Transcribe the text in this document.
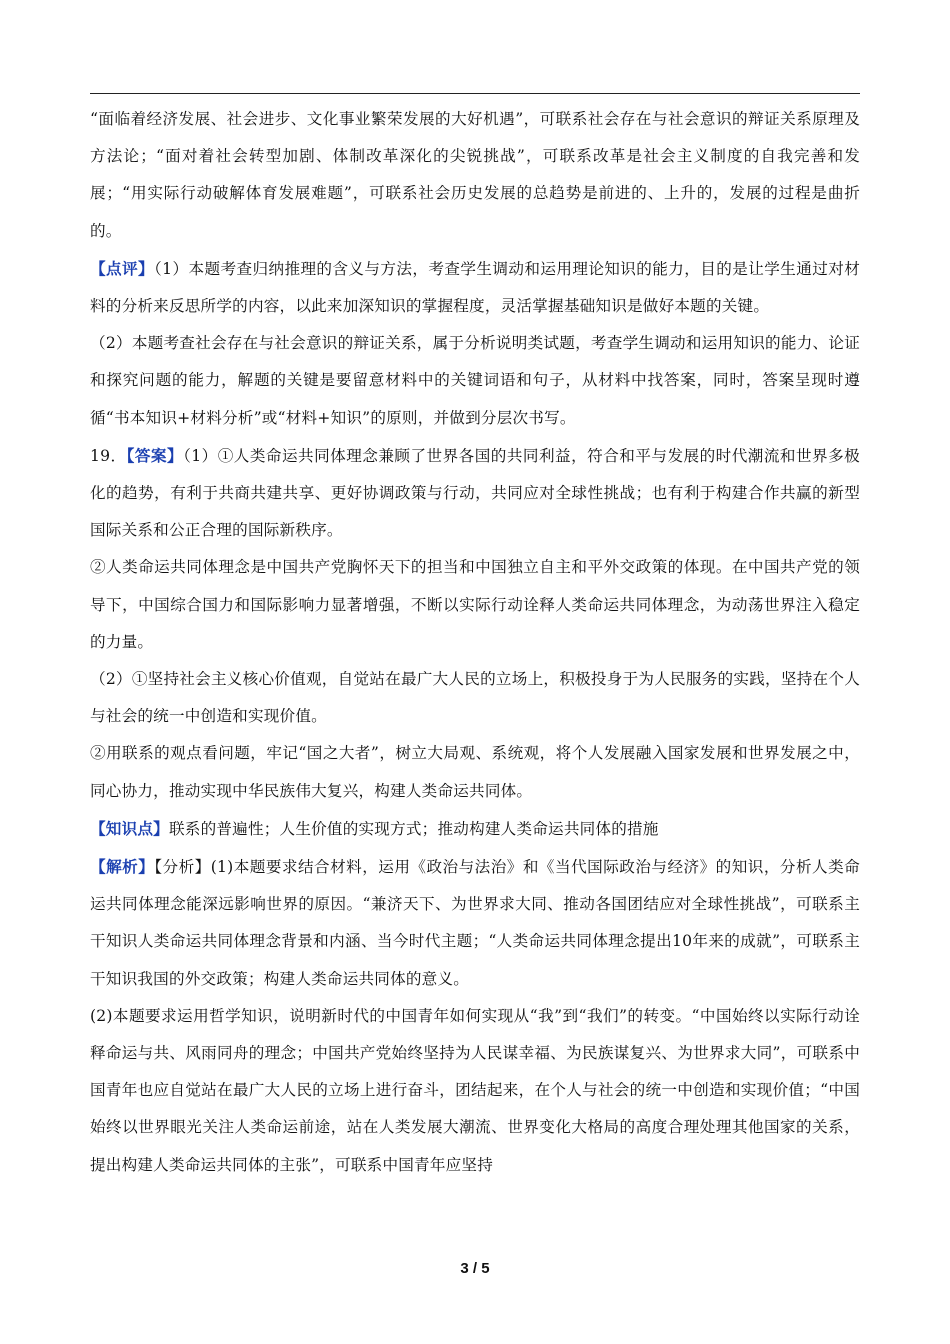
“面临着经济发展、社会进步、文化事业繁荣发展的大好机遇”，可联系社会存在与社会意识的辩证关系原理及方法论；“面对着社会转型加剧、体制改革深化的尖锐挑战”，可联系改革是社会主义制度的自我完善和发展；“用实际行动破解体育发展难题”，可联系社会历史发展的总趋势是前进的、上升的，发展的过程是曲折的。

【点评】（1）本题考查归纳推理的含义与方法，考查学生调动和运用理论知识的能力，目的是让学生通过对材料的分析来反思所学的内容，以此来加深知识的掌握程度，灵活掌握基础知识是做好本题的关键。

（2）本题考查社会存在与社会意识的辩证关系，属于分析说明类试题，考查学生调动和运用知识的能力、论证和探究问题的能力，解题的关键是要留意材料中的关键词语和句子，从材料中找答案，同时，答案呈现时遵循“书本知识+材料分析”或“材料+知识”的原则，并做到分层次书写。

19．【答案】（1）①人类命运共同体理念兼顾了世界各国的共同利益，符合和平与发展的时代潮流和世界多极化的趋势，有利于共商共建共享、更好协调政策与行动，共同应对全球性挑战；也有利于构建合作共赢的新型国际关系和公正合理的国际新秩序。

②人类命运共同体理念是中国共产党胸怀天下的担当和中国独立自主和平外交政策的体现。在中国共产党的领导下，中国综合国力和国际影响力显著增强，不断以实际行动诠释人类命运共同体理念，为动荡世界注入稳定的力量。

（2）①坚持社会主义核心价值观，自觉站在最广大人民的立场上，积极投身于为人民服务的实践，坚持在个人与社会的统一中创造和实现价值。

②用联系的观点看问题，牢记“国之大者”，树立大局观、系统观，将个人发展融入国家发展和世界发展之中，同心协力，推动实现中华民族伟大复兴，构建人类命运共同体。

【知识点】联系的普遍性；人生价值的实现方式；推动构建人类命运共同体的措施

【解析】【分析】(1)本题要求结合材料，运用《政治与法治》和《当代国际政治与经济》的知识，分析人类命运共同体理念能深远影响世界的原因。“兼济天下、为世界求大同、推动各国团结应对全球性挑战”，可联系主干知识人类命运共同体理念背景和内涵、当今时代主题；“人类命运共同体理念提出10年来的成就”，可联系主干知识我国的外交政策；构建人类命运共同体的意义。

(2)本题要求运用哲学知识，说明新时代的中国青年如何实现从“我”到“我们”的转变。“中国始终以实际行动诠释命运与共、风雨同舟的理念；中国共产党始终坚持为人民谋幸福、为民族谋复兴、为世界求大同”，可联系中国青年也应自觉站在最广大人民的立场上进行奋斗，团结起来，在个人与社会的统一中创造和实现价值；“中国始终以世界眼光关注人类命运前途，站在人类发展大潮流、世界变化大格局的高度合理处理其他国家的关系，提出构建人类命运共同体的主张”，可联系中国青年应坚持

3 / 5
